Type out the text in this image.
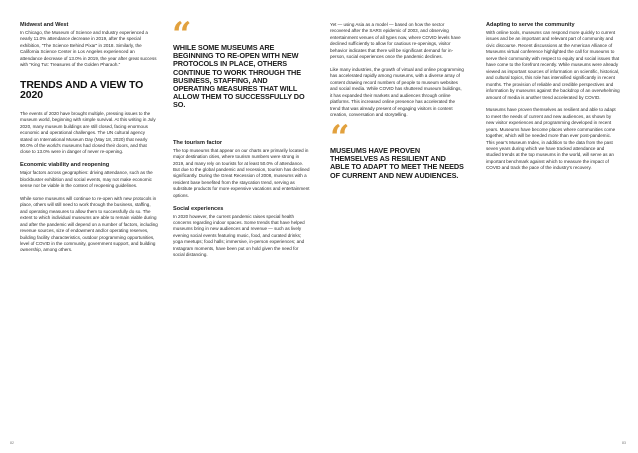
Midwest and West

In Chicago, the Museum of Science and Industry experienced a nearly 11.0% attendance decrease in 2019, after the special exhibition, "The Science Behind Pixar" in 2018. Similarly, the California Science Center in Los Angeles experienced an attendance decrease of 13.0% in 2019, the year after great success with "King Tut: Treasures of the Golden Pharaoh."

TRENDS AND A VIEW TO 2020

The events of 2020 have brought multiple, pressing issues to the museum world, beginning with simple survival. At this writing in July 2020, many museum buildings are still closed, facing enormous economic and operational challenges. The UN cultural agency stated on International Museum Day (May 18, 2020) that nearly 90.0% of the world's museums had closed their doors, and that close to 13.0% were in danger of never re-opening.

Economic viability and reopening

Major factors across geographies: driving attendance, such as the blockbuster exhibition and social events, may not make economic sense nor be viable in the context of reopening guidelines.

While some museums will continue to re-open with new protocols in place, others will still need to work through the business, staffing, and operating measures to allow them to successfully do so. The extent to which individual museums are able to remain viable during and after the pandemic will depend on a number of factors, including revenue sources, size of endowment and/or operating reserves, building facility characteristics, outdoor programming opportunities, level of COVID in the community, government support, and building ownership, among others.

“
WHILE SOME MUSEUMS ARE BEGINNING TO RE-OPEN WITH NEW PROTOCOLS IN PLACE, OTHERS CONTINUE TO WORK THROUGH THE BUSINESS, STAFFING, AND OPERATING MEASURES THAT WILL ALLOW THEM TO SUCCESSFULLY DO SO.
The tourism factor

The top museums that appear on our charts are primarily located in major destination cities, where tourism numbers were strong in 2019, and many rely on tourists for at least 50.0% of attendance. But due to the global pandemic and recession, tourism has declined significantly. During the Great Recession of 2008, museums with a resident base benefited from the staycation trend, serving as substitute products for more expensive vacations and entertainment options.

Social experiences

In 2020 however, the current pandemic raises special health concerns regarding indoor spaces. Some trends that have helped museums bring in new audiences and revenue — such as lively evening social events featuring music, food, and curated drinks; yoga meetups; food halls; immersive, in-person experiences; and Instagram moments, have been put on hold given the need for social distancing.

Yet — using Asia as a model — based on how the sector recovered after the SARS epidemic of 2003, and observing entertainment venues of all types now, where COVID levels have declined sufficiently to allow for cautious re-openings, visitor behavior indicates that there will be significant demand for in-person, social experiences once the pandemic declines.

Like many industries, the growth of virtual and online programming has accelerated rapidly among museums, with a diverse array of content drawing record numbers of people to museum websites and social media. While COVID has shuttered museum buildings, it has expanded their markets and audiences through online platforms. This increased online presence has accelerated the trend that was already present of engaging visitors in content creation, conversation and storytelling.

“
MUSEUMS HAVE PROVEN THEMSELVES AS RESILIENT AND ABLE TO ADAPT TO MEET THE NEEDS OF CURRENT AND NEW AUDIENCES.
Adapting to serve the community

With online tools, museums can respond more quickly to current issues and be an important and relevant part of community and civic discourse. Recent discussions at the American Alliance of Museums virtual conference highlighted the call for museums to serve their community with respect to equity and social issues that have come to the forefront recently. While museums were already viewed as important sources of information on scientific, historical, and cultural topics, this role has intensified significantly in recent months. The provision of reliable and credible perspectives and information by museums against the backdrop of an overwhelming amount of media is another trend accelerated by COVID.

Museums have proven themselves as resilient and able to adapt to meet the needs of current and new audiences, as shown by new visitor experiences and programming developed in recent years. Museums have become places where communities come together, which will be needed more than ever post-pandemic. This year's Museum Index, in addition to the data from the past seven years during which we have tracked attendance and studied trends at the top museums in the world, will serve as an important benchmark against which to measure the impact of COVID and track the pace of the industry's recovery.

82	83
